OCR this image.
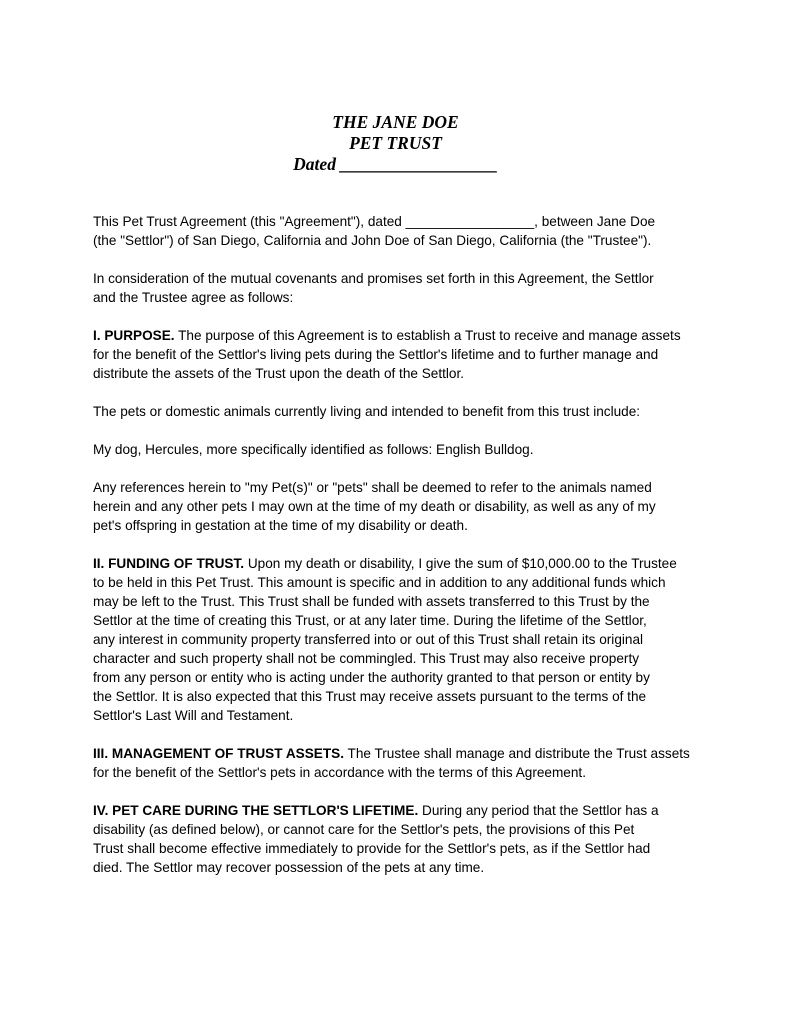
THE JANE DOE
PET TRUST
Dated __________________
This Pet Trust Agreement (this "Agreement"), dated _________________, between Jane Doe
(the "Settlor") of San Diego, California and John Doe of San Diego, California (the "Trustee").
In consideration of the mutual covenants and promises set forth in this Agreement, the Settlor
and the Trustee agree as follows:
I. PURPOSE. The purpose of this Agreement is to establish a Trust to receive and manage assets
for the benefit of the Settlor's living pets during the Settlor's lifetime and to further manage and
distribute the assets of the Trust upon the death of the Settlor.
The pets or domestic animals currently living and intended to benefit from this trust include:
My dog, Hercules, more specifically identified as follows: English Bulldog.
Any references herein to "my Pet(s)" or "pets" shall be deemed to refer to the animals named
herein and any other pets I may own at the time of my death or disability, as well as any of my
pet's offspring in gestation at the time of my disability or death.
II. FUNDING OF TRUST. Upon my death or disability, I give the sum of $10,000.00 to the Trustee
to be held in this Pet Trust. This amount is specific and in addition to any additional funds which
may be left to the Trust. This Trust shall be funded with assets transferred to this Trust by the
Settlor at the time of creating this Trust, or at any later time. During the lifetime of the Settlor,
any interest in community property transferred into or out of this Trust shall retain its original
character and such property shall not be commingled. This Trust may also receive property
from any person or entity who is acting under the authority granted to that person or entity by
the Settlor. It is also expected that this Trust may receive assets pursuant to the terms of the
Settlor's Last Will and Testament.
III. MANAGEMENT OF TRUST ASSETS. The Trustee shall manage and distribute the Trust assets
for the benefit of the Settlor's pets in accordance with the terms of this Agreement.
IV. PET CARE DURING THE SETTLOR'S LIFETIME. During any period that the Settlor has a
disability (as defined below), or cannot care for the Settlor's pets, the provisions of this Pet
Trust shall become effective immediately to provide for the Settlor's pets, as if the Settlor had
died. The Settlor may recover possession of the pets at any time.
